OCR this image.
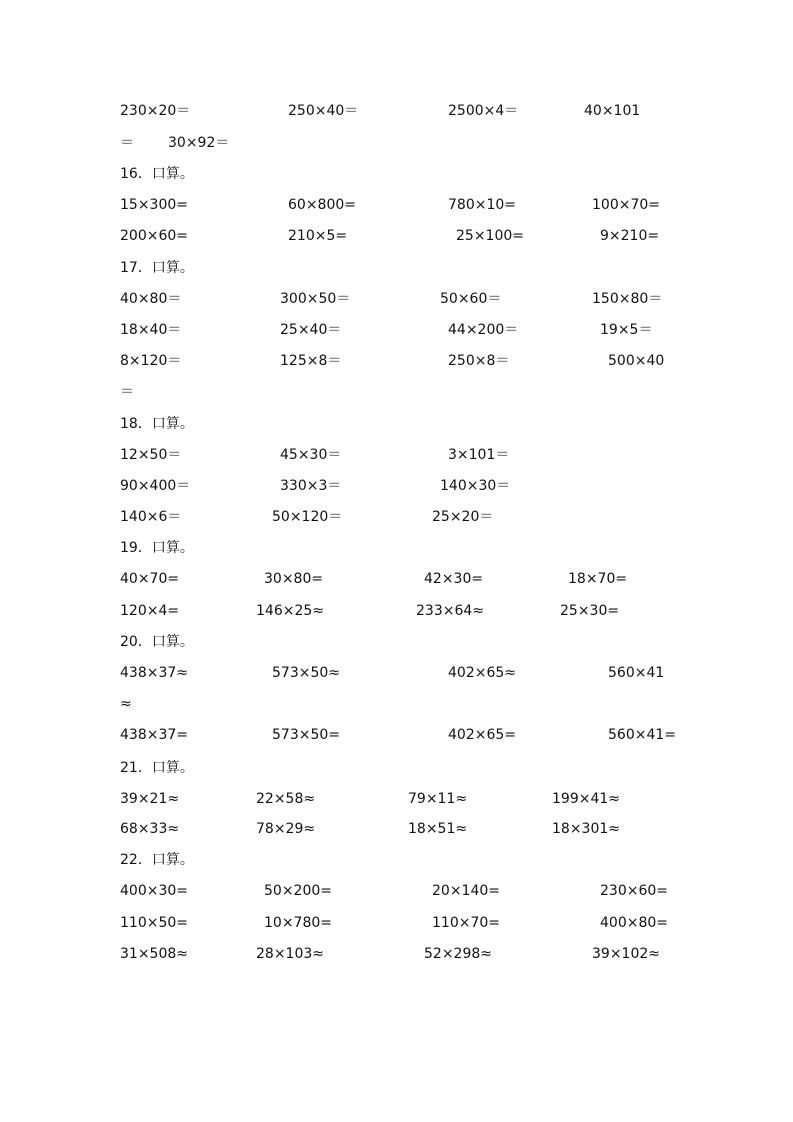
230×20＝	250×40＝	2500×4＝	40×101
＝ 30×92＝
16．口算。
15×300=	60×800=	780×10=	100×70=
200×60=	210×5=	25×100=	9×210=
17．口算。
40×80＝	300×50＝	50×60＝	150×80＝
18×40＝	25×40＝	44×200＝	19×5＝
8×120＝	125×8＝	250×8＝	500×40
＝
18．口算。
12×50＝	45×30＝	3×101＝
90×400＝	330×3＝	140×30＝
140×6＝	50×120＝	25×20＝
19．口算。
40×70=	30×80=	42×30=	18×70=
120×4=	146×25≈	233×64≈	25×30=
20．口算。
438×37≈	573×50≈	402×65≈	560×41
≈
438×37=	573×50=	402×65=	560×41=
21．口算。
39×21≈	22×58≈	79×11≈	199×41≈
68×33≈	78×29≈	18×51≈	18×301≈
22．口算。
400×30=	50×200=	20×140=	230×60=
110×50=	10×780=	110×70=	400×80=
31×508≈	28×103≈	52×298≈	39×102≈
